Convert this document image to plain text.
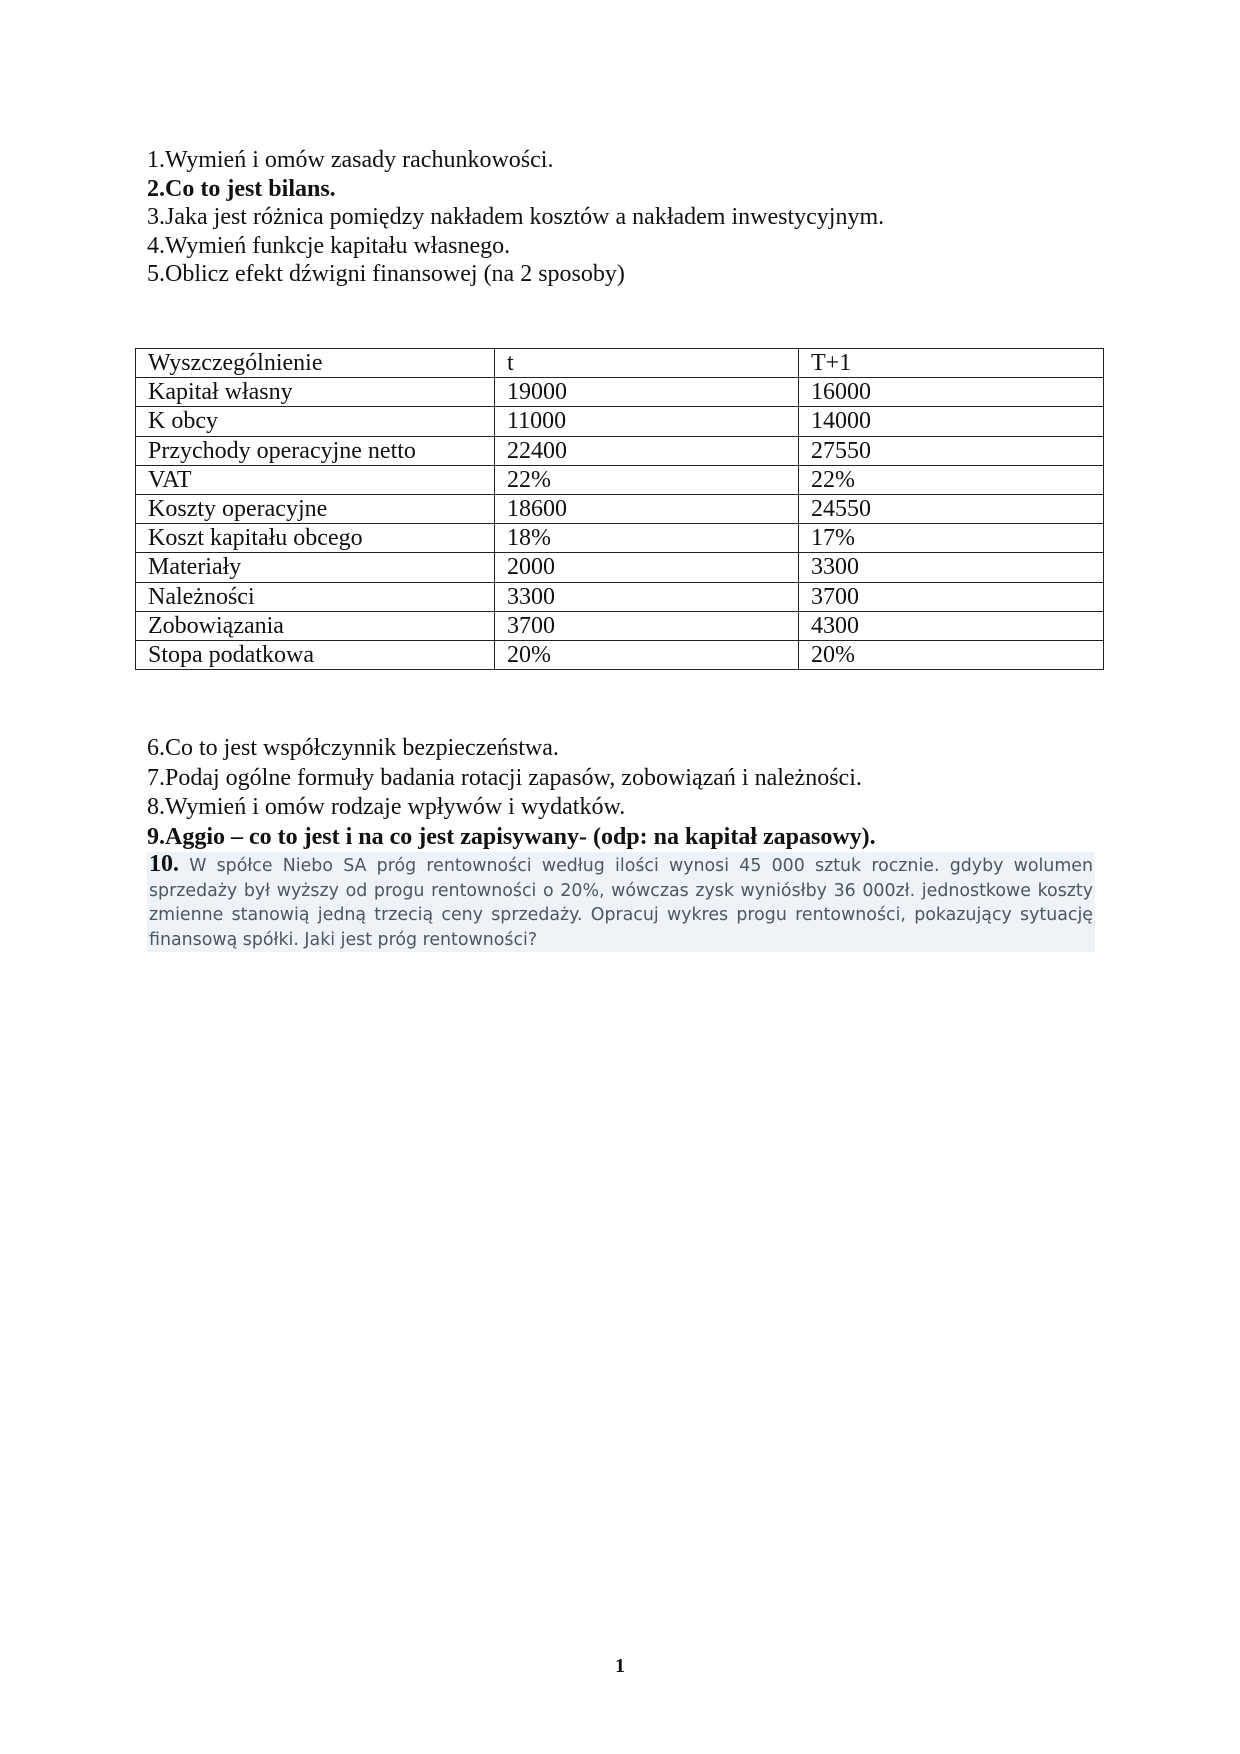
1.Wymień i omów zasady rachunkowości.
2.Co to jest bilans.
3.Jaka jest różnica pomiędzy nakładem kosztów a nakładem inwestycyjnym.
4.Wymień funkcje kapitału własnego.
5.Oblicz efekt dźwigni finansowej (na 2 sposoby)
Wyszczególnienie	t	T+1
Kapitał własny	19000	16000
K obcy	11000	14000
Przychody operacyjne netto	22400	27550
VAT	22%	22%
Koszty operacyjne	18600	24550
Koszt kapitału obcego	18%	17%
Materiały	2000	3300
Należności	3300	3700
Zobowiązania	3700	4300
Stopa podatkowa	20%	20%
6.Co to jest współczynnik bezpieczeństwa.
7.Podaj ogólne formuły badania rotacji zapasów, zobowiązań i należności.
8.Wymień i omów rodzaje wpływów i wydatków.
9.Aggio – co to jest i na co jest zapisywany- (odp: na kapitał zapasowy).
10. W spółce Niebo SA próg rentowności według ilości wynosi 45 000 sztuk rocznie. gdyby wolumen sprzedaży był wyższy od progu rentowności o 20%, wówczas zysk wyniósłby 36 000zł. jednostkowe koszty zmienne stanowią jedną trzecią ceny sprzedaży. Opracuj wykres progu rentowności, pokazujący sytuację finansową spółki. Jaki jest próg rentowności?
1
